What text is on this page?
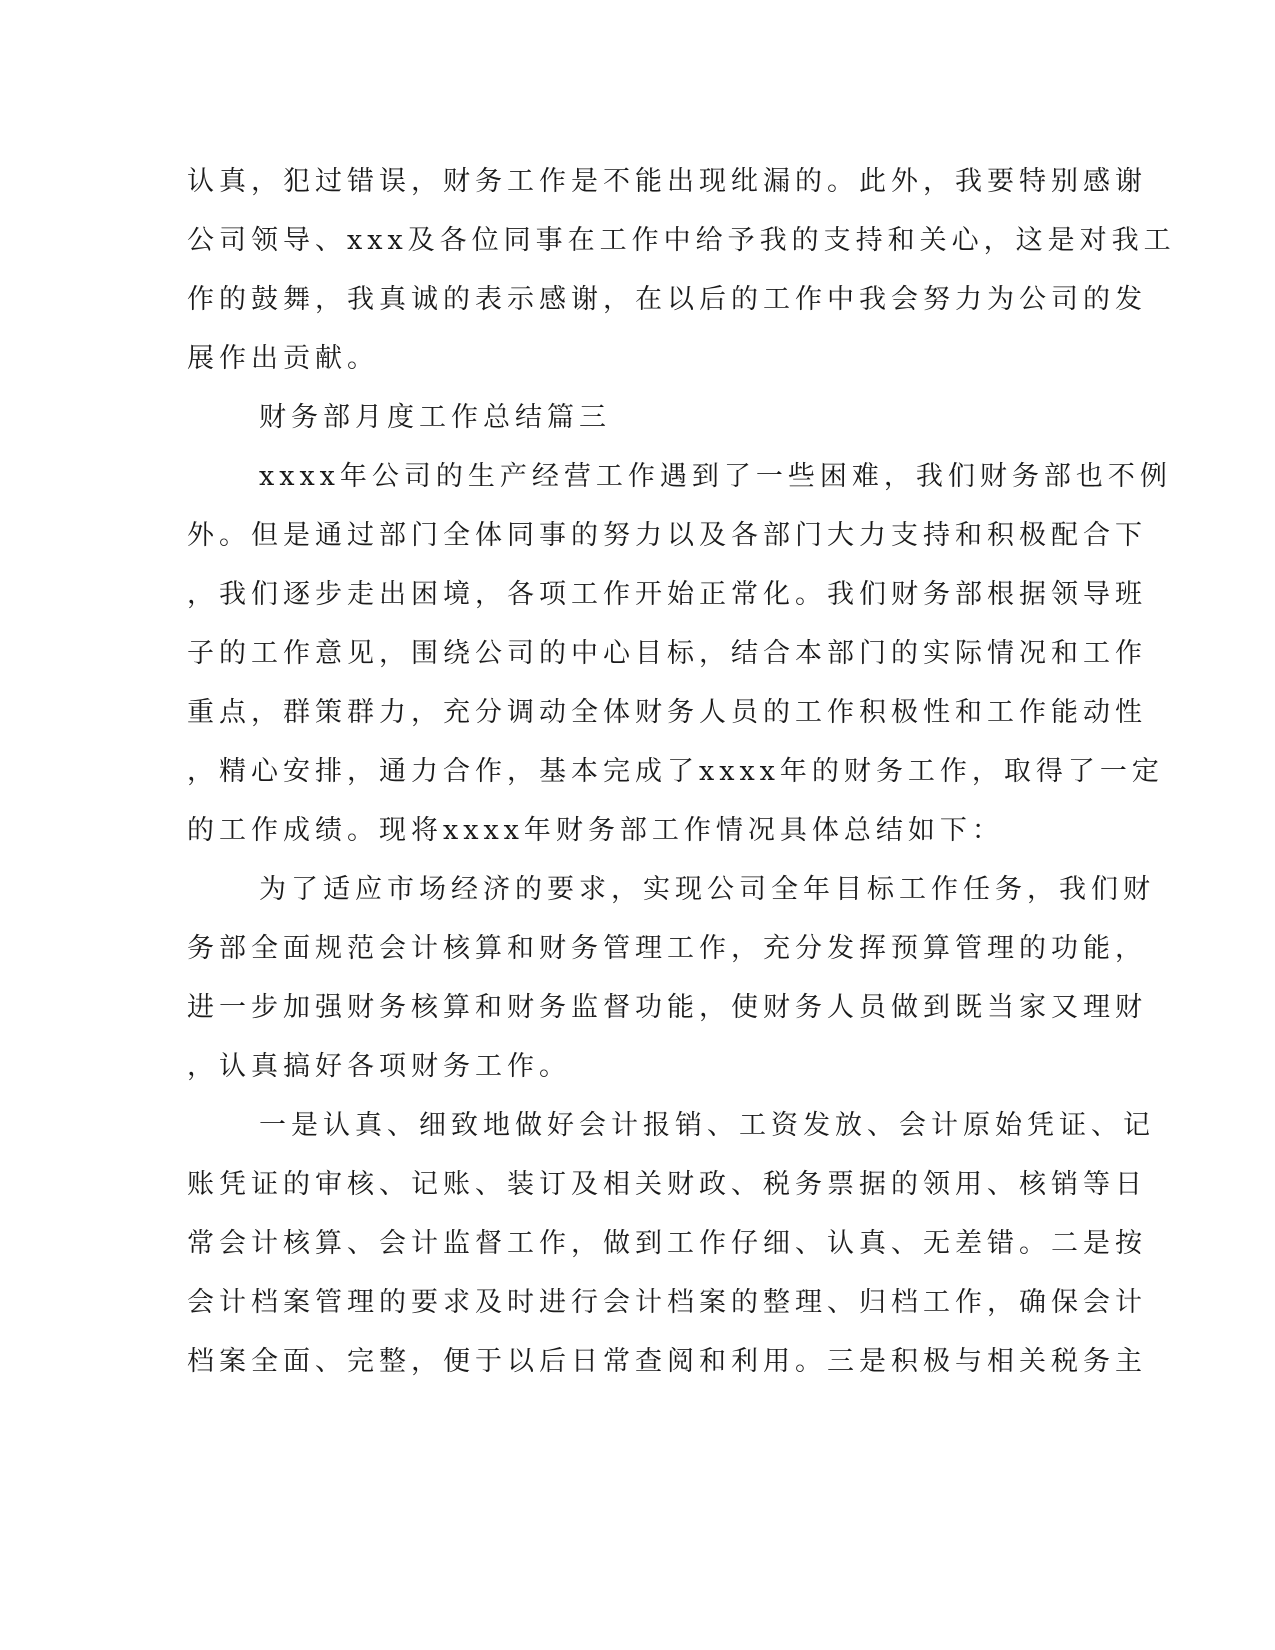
认真，犯过错误，财务工作是不能出现纰漏的。此外，我要特别感谢

公司领导、xxx及各位同事在工作中给予我的支持和关心，这是对我工

作的鼓舞，我真诚的表示感谢，在以后的工作中我会努力为公司的发

展作出贡献。

财务部月度工作总结篇三

xxxx年公司的生产经营工作遇到了一些困难，我们财务部也不例

外。但是通过部门全体同事的努力以及各部门大力支持和积极配合下

，我们逐步走出困境，各项工作开始正常化。我们财务部根据领导班

子的工作意见，围绕公司的中心目标，结合本部门的实际情况和工作

重点，群策群力，充分调动全体财务人员的工作积极性和工作能动性

，精心安排，通力合作，基本完成了xxxx年的财务工作，取得了一定

的工作成绩。现将xxxx年财务部工作情况具体总结如下：

为了适应市场经济的要求，实现公司全年目标工作任务，我们财

务部全面规范会计核算和财务管理工作，充分发挥预算管理的功能，

进一步加强财务核算和财务监督功能，使财务人员做到既当家又理财

，认真搞好各项财务工作。

一是认真、细致地做好会计报销、工资发放、会计原始凭证、记

账凭证的审核、记账、装订及相关财政、税务票据的领用、核销等日

常会计核算、会计监督工作，做到工作仔细、认真、无差错。二是按

会计档案管理的要求及时进行会计档案的整理、归档工作，确保会计

档案全面、完整，便于以后日常查阅和利用。三是积极与相关税务主
